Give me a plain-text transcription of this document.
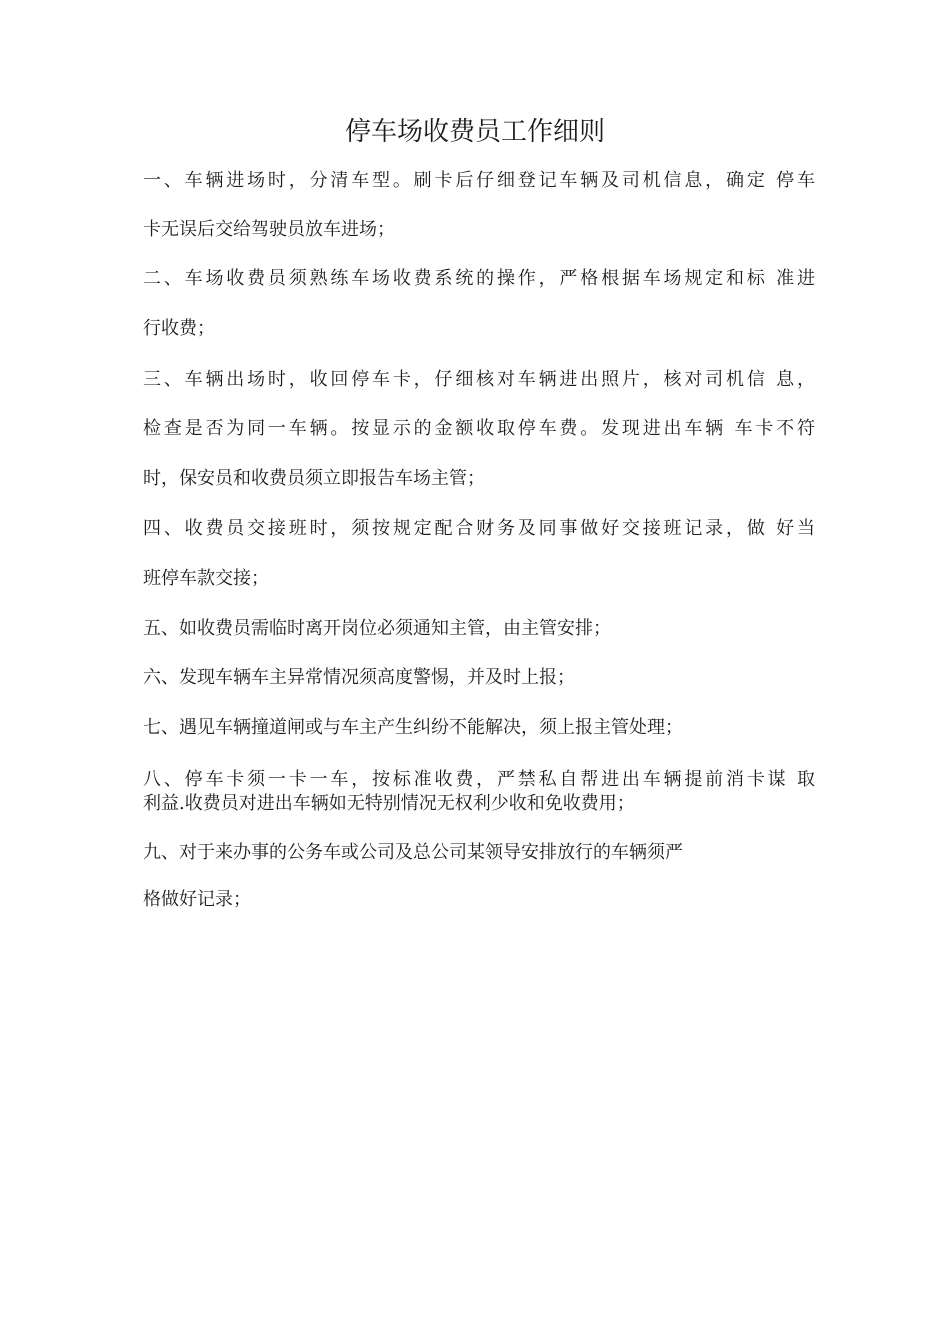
停车场收费员工作细则
一、车辆进场时，分清车型。刷卡后仔细登记车辆及司机信息，确定 停车
卡无误后交给驾驶员放车进场；
二、车场收费员须熟练车场收费系统的操作，严格根据车场规定和标 准进
行收费；
三、车辆出场时，收回停车卡，仔细核对车辆进出照片，核对司机信 息，
检查是否为同一车辆。按显示的金额收取停车费。发现进出车辆 车卡不符
时，保安员和收费员须立即报告车场主管；
四、收费员交接班时，须按规定配合财务及同事做好交接班记录，做 好当
班停车款交接；
五、如收费员需临时离开岗位必须通知主管，由主管安排；
六、发现车辆车主异常情况须高度警惕，并及时上报；
七、遇见车辆撞道闸或与车主产生纠纷不能解决，须上报主管处理；
八、停车卡须一卡一车，按标准收费，严禁私自帮进出车辆提前消卡谋 取
利益.收费员对进出车辆如无特别情况无权利少收和免收费用；
九、对于来办事的公务车或公司及总公司某领导安排放行的车辆须严
格做好记录；
